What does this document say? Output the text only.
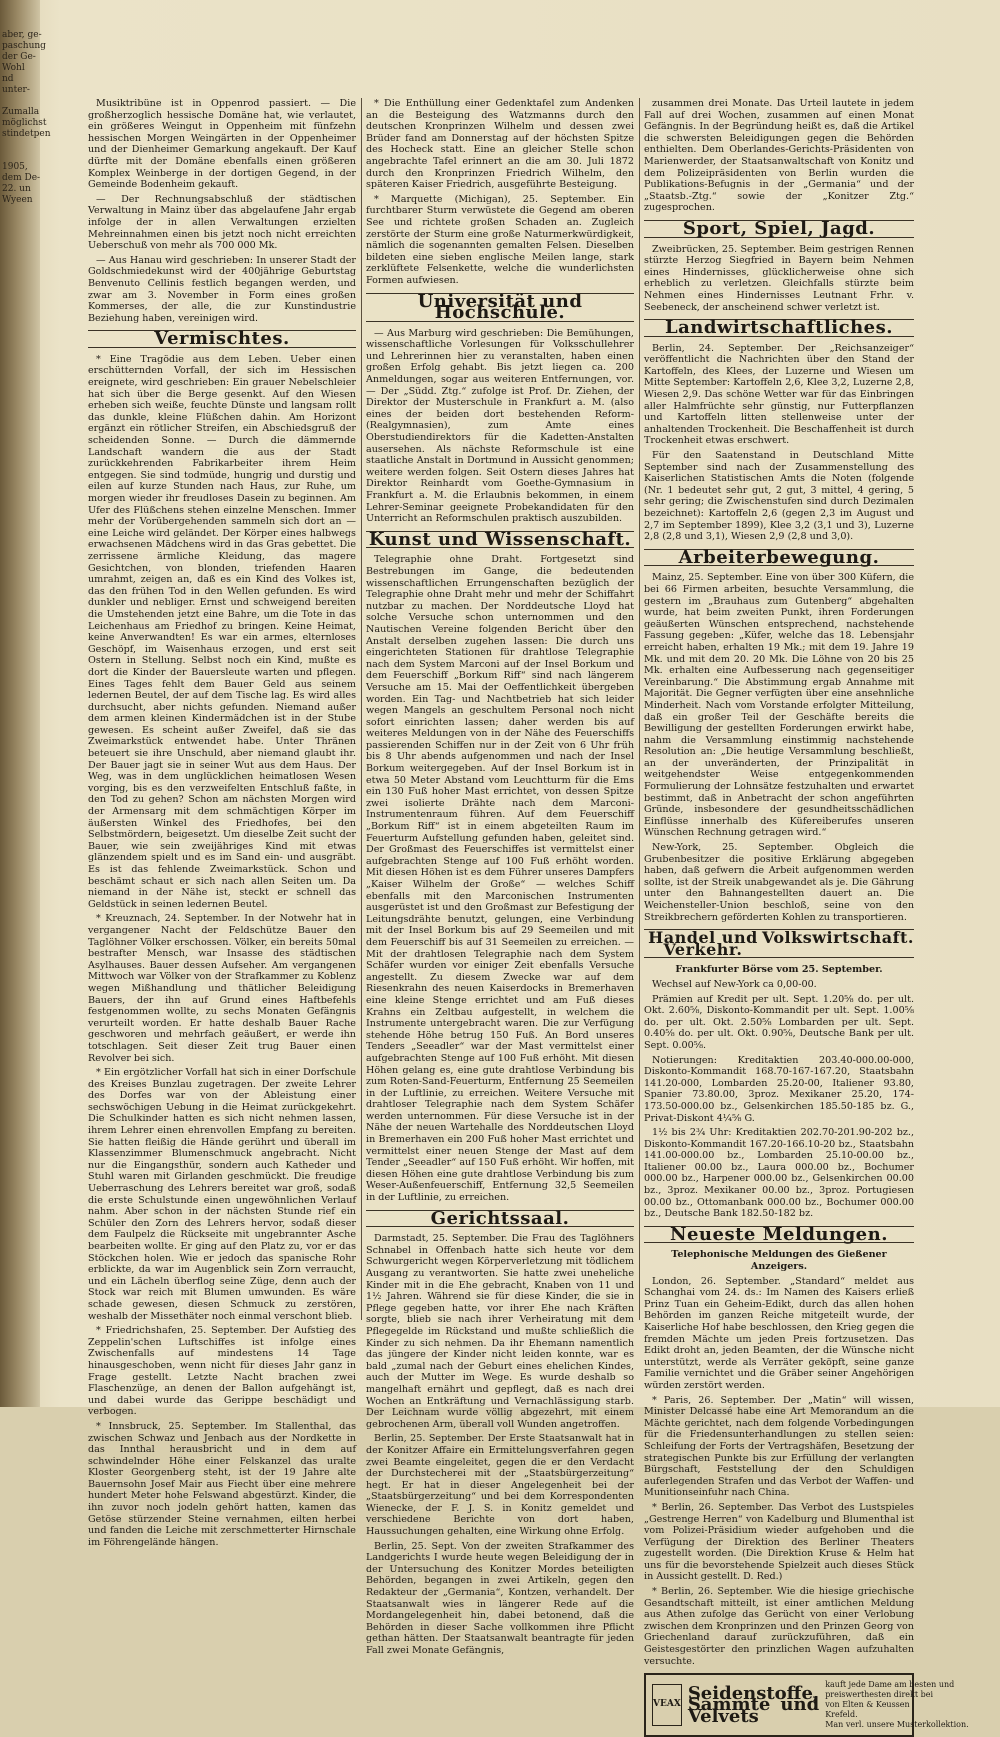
aber, ge-
paschung
der Ge-
Wohl
nd
unter-

Zumalla
möglichst
stindetpen

1905,
dem De-
22. un
Wyeen

Musiktribüne ist in Oppenrod passiert. — Die großherzoglich hessische Domäne hat, wie verlautet, ein größeres Weingut in Oppenheim mit fünfzehn hessischen Morgen Weingärten in der Oppenheimer und der Dienheimer Gemarkung angekauft. Der Kauf dürfte mit der Domäne ebenfalls einen größeren Komplex Weinberge in der dortigen Gegend, in der Gemeinde Bodenheim gekauft.

— Der Rechnungsabschluß der städtischen Verwaltung in Mainz über das abgelaufene Jahr ergab infolge der in allen Verwaltungen erzielten Mehreinnahmen einen bis jetzt noch nicht erreichten Ueberschuß von mehr als 700 000 Mk.

— Aus Hanau wird geschrieben: In unserer Stadt der Goldschmiedekunst wird der 400jährige Geburtstag Benvenuto Cellinis festlich begangen werden, und zwar am 3. November in Form eines großen Kommerses, der alle, die zur Kunstindustrie Beziehung haben, vereinigen wird.

Vermischtes.

* Eine Tragödie aus dem Leben. Ueber einen erschütternden Vorfall, der sich im Hessischen ereignete, wird geschrieben: Ein grauer Nebelschleier hat sich über die Berge gesenkt. Auf den Wiesen erheben sich weiße, feuchte Dünste und langsam rollt das dunkle, kleine Flüßchen dahin. Am Horizont ergänzt ein rötlicher Streifen, ein Abschiedsgruß der scheidenden Sonne. — Durch die dämmernde Landschaft wandern die aus der Stadt zurückkehrenden Fabrikarbeiter ihrem Heim entgegen. Sie sind todmüde, hungrig und durstig und eilen auf kurze Stunden nach Haus, zur Ruhe, um morgen wieder ihr freudloses Dasein zu beginnen. Am Ufer des Flüßchens stehen einzelne Menschen. Immer mehr der Vorübergehenden sammeln sich dort an — eine Leiche wird geländet. Der Körper eines halbwegs erwachsenen Mädchens wird in das Gras gebettet. Die zerrissene ärmliche Kleidung, das magere Gesichtchen, von blonden, triefenden Haaren umrahmt, zeigen an, daß es ein Kind des Volkes ist, das den frühen Tod in den Wellen gefunden. Es wird dunkler und nebliger. Ernst und schweigend bereiten die Umstehenden jetzt eine Bahre, um die Tote in das Leichenhaus am Friedhof zu bringen. Keine Heimat, keine Anverwandten! Es war ein armes, elternloses Geschöpf, im Waisenhaus erzogen, und erst seit Ostern in Stellung. Selbst noch ein Kind, mußte es dort die Kinder der Bauersleute warten und pflegen. Eines Tages fehlt dem Bauer Geld aus seinem ledernen Beutel, der auf dem Tische lag. Es wird alles durchsucht, aber nichts gefunden. Niemand außer dem armen kleinen Kindermädchen ist in der Stube gewesen. Es scheint außer Zweifel, daß sie das Zweimarkstück entwendet habe. Unter Thränen beteuert sie ihre Unschuld, aber niemand glaubt ihr. Der Bauer jagt sie in seiner Wut aus dem Haus. Der Weg, was in dem unglücklichen heimatlosen Wesen vorging, bis es den verzweifelten Entschluß faßte, in den Tod zu gehen? Schon am nächsten Morgen wird der Armensarg mit dem schmächtigen Körper im äußersten Winkel des Friedhofes, bei den Selbstmördern, beigesetzt. Um dieselbe Zeit sucht der Bauer, wie sein zweijähriges Kind mit etwas glänzendem spielt und es im Sand ein- und ausgräbt. Es ist das fehlende Zweimarkstück. Schon und beschämt schaut er sich nach allen Seiten um. Da niemand in der Nähe ist, steckt er schnell das Geldstück in seinen ledernen Beutel.

* Kreuznach, 24. September. In der Notwehr hat in vergangener Nacht der Feldschütze Bauer den Taglöhner Völker erschossen. Völker, ein bereits 50mal bestrafter Mensch, war Insasse des städtischen Asylhauses. Bauer dessen Aufseher. Am vergangenen Mittwoch war Völker von der Strafkammer zu Koblenz wegen Mißhandlung und thätlicher Beleidigung Bauers, der ihn auf Grund eines Haftbefehls festgenommen wollte, zu sechs Monaten Gefängnis verurteilt worden. Er hatte deshalb Bauer Rache geschworen und mehrfach geäußert, er werde ihn totschlagen. Seit dieser Zeit trug Bauer einen Revolver bei sich.

* Ein ergötzlicher Vorfall hat sich in einer Dorfschule des Kreises Bunzlau zugetragen. Der zweite Lehrer des Dorfes war von der Ableistung einer sechswöchigen Uebung in die Heimat zurückgekehrt. Die Schulkinder hatten es sich nicht nehmen lassen, ihrem Lehrer einen ehrenvollen Empfang zu bereiten. Sie hatten fleißig die Hände gerührt und überall im Klassenzimmer Blumenschmuck angebracht. Nicht nur die Eingangsthür, sondern auch Katheder und Stuhl waren mit Girlanden geschmückt. Die freudige Ueberraschung des Lehrers bereitet war groß, sodaß die erste Schulstunde einen ungewöhnlichen Verlauf nahm. Aber schon in der nächsten Stunde rief ein Schüler den Zorn des Lehrers hervor, sodaß dieser dem Faulpelz die Rückseite mit ungebrannter Asche bearbeiten wollte. Er ging auf den Platz zu, vor er das Stöckchen holen. Wie er jedoch das spanische Rohr erblickte, da war im Augenblick sein Zorn verraucht, und ein Lächeln überflog seine Züge, denn auch der Stock war reich mit Blumen umwunden. Es wäre schade gewesen, diesen Schmuck zu zerstören, weshalb der Missethäter noch einmal verschont blieb.

* Friedrichshafen, 25. September. Der Aufstieg des Zeppelin'schen Luftschiffes ist infolge eines Zwischenfalls auf mindestens 14 Tage hinausgeschoben, wenn nicht für dieses Jahr ganz in Frage gestellt. Letzte Nacht brachen zwei Flaschenzüge, an denen der Ballon aufgehängt ist, und dabei wurde das Gerippe beschädigt und verbogen.

* Innsbruck, 25. September. Im Stallenthal, das zwischen Schwaz und Jenbach aus der Nordkette in das Innthal herausbricht und in dem auf schwindelnder Höhe einer Felskanzel das uralte Kloster Georgenberg steht, ist der 19 Jahre alte Bauernsohn Josef Mair aus Fiecht über eine mehrere hundert Meter hohe Felswand abgestürzt. Kinder, die ihn zuvor noch jodeln gehört hatten, kamen das Getöse stürzender Steine vernahmen, eilten herbei und fanden die Leiche mit zerschmetterter Hirnschale im Föhrengelände hängen.

* Die Enthüllung einer Gedenktafel zum Andenken an die Besteigung des Watzmanns durch den deutschen Kronprinzen Wilhelm und dessen zwei Brüder fand am Donnerstag auf der höchsten Spitze des Hocheck statt. Eine an gleicher Stelle schon angebrachte Tafel erinnert an die am 30. Juli 1872 durch den Kronprinzen Friedrich Wilhelm, den späteren Kaiser Friedrich, ausgeführte Besteigung.

* Marquette (Michigan), 25. September. Ein furchtbarer Sturm verwüstete die Gegend am oberen See und richtete großen Schaden an. Zugleich zerstörte der Sturm eine große Naturmerkwürdigkeit, nämlich die sogenannten gemalten Felsen. Dieselben bildeten eine sieben englische Meilen lange, stark zerklüftete Felsenkette, welche die wunderlichsten Formen aufwiesen.

Universität und Hochschule.

— Aus Marburg wird geschrieben: Die Bemühungen, wissenschaftliche Vorlesungen für Volksschullehrer und Lehrerinnen hier zu veranstalten, haben einen großen Erfolg gehabt. Bis jetzt liegen ca. 200 Anmeldungen, sogar aus weiteren Entfernungen, vor. — Der „Südd. Ztg.“ zufolge ist Prof. Dr. Ziehen, der Direktor der Musterschule in Frankfurt a. M. (also eines der beiden dort bestehenden Reform- (Realgymnasien), zum Amte eines Oberstudiendirektors für die Kadetten-Anstalten ausersehen. Als nächste Reformschule ist eine staatliche Anstalt in Dortmund in Aussicht genommen; weitere werden folgen. Seit Ostern dieses Jahres hat Direktor Reinhardt vom Goethe-Gymnasium in Frankfurt a. M. die Erlaubnis bekommen, in einem Lehrer-Seminar geeignete Probekandidaten für den Unterricht an Reformschulen praktisch auszubilden.

Kunst und Wissenschaft.

Telegraphie ohne Draht. Fortgesetzt sind Bestrebungen im Gange, die bedeutenden wissenschaftlichen Errungenschaften bezüglich der Telegraphie ohne Draht mehr und mehr der Schiffahrt nutzbar zu machen. Der Norddeutsche Lloyd hat solche Versuche schon unternommen und den Nautischen Vereine folgenden Bericht über den Anstalt derselben zugehen lassen: Die durch uns eingerichteten Stationen für drahtlose Telegraphie nach dem System Marconi auf der Insel Borkum und dem Feuerschiff „Borkum Riff“ sind nach längerem Versuche am 15. Mai der Oeffentlichkeit übergeben worden. Ein Tag- und Nachtbetrieb hat sich leider wegen Mangels an geschultem Personal noch nicht sofort einrichten lassen; daher werden bis auf weiteres Meldungen von in der Nähe des Feuerschiffs passierenden Schiffen nur in der Zeit von 6 Uhr früh bis 8 Uhr abends aufgenommen und nach der Insel Borkum weitergegeben. Auf der Insel Borkum ist in etwa 50 Meter Abstand vom Leuchtturm für die Ems ein 130 Fuß hoher Mast errichtet, von dessen Spitze zwei isolierte Drähte nach dem Marconi-Instrumentenraum führen. Auf dem Feuerschiff „Borkum Riff“ ist in einem abgeteilten Raum im Feuerturm Aufstellung gefunden haben, geleitet sind. Der Großmast des Feuerschiffes ist vermittelst einer aufgebrachten Stenge auf 100 Fuß erhöht worden. Mit diesen Höhen ist es dem Führer unseres Dampfers „Kaiser Wilhelm der Große“ — welches Schiff ebenfalls mit den Marconischen Instrumenten ausgerüstet ist und den Großmast zur Befestigung der Leitungsdrähte benutzt, gelungen, eine Verbindung mit der Insel Borkum bis auf 29 Seemeilen und mit dem Feuerschiff bis auf 31 Seemeilen zu erreichen. — Mit der drahtlosen Telegraphie nach dem System Schäfer wurden vor einiger Zeit ebenfalls Versuche angestellt. Zu diesem Zwecke war auf dem Riesenkrahn des neuen Kaiserdocks in Bremerhaven eine kleine Stenge errichtet und am Fuß dieses Krahns ein Zeltbau aufgestellt, in welchem die Instrumente untergebracht waren. Die zur Verfügung stehende Höhe betrug 150 Fuß. An Bord unseres Tenders „Seeadler“ war der Mast vermittelst einer aufgebrachten Stenge auf 100 Fuß erhöht. Mit diesen Höhen gelang es, eine gute drahtlose Verbindung bis zum Roten-Sand-Feuerturm, Entfernung 25 Seemeilen in der Luftlinie, zu erreichen. Weitere Versuche mit drahtloser Telegraphie nach dem System Schäfer werden unternommen. Für diese Versuche ist in der Nähe der neuen Wartehalle des Norddeutschen Lloyd in Bremerhaven ein 200 Fuß hoher Mast errichtet und vermittelst einer neuen Stenge der Mast auf dem Tender „Seeadler“ auf 150 Fuß erhöht. Wir hoffen, mit diesen Höhen eine gute drahtlose Verbindung bis zum Weser-Außenfeuerschiff, Entfernung 32,5 Seemeilen in der Luftlinie, zu erreichen.

Gerichtssaal.

Darmstadt, 25. September. Die Frau des Taglöhners Schnabel in Offenbach hatte sich heute vor dem Schwurgericht wegen Körperverletzung mit tödlichem Ausgang zu verantworten. Sie hatte zwei uneheliche Kinder mit in die Ehe gebracht, Knaben von 11 und 1½ Jahren. Während sie für diese Kinder, die sie in Pflege gegeben hatte, vor ihrer Ehe nach Kräften sorgte, blieb sie nach ihrer Verheiratung mit dem Pflegegelde im Rückstand und mußte schließlich die Kinder zu sich nehmen. Da ihr Ehemann namentlich das jüngere der Kinder nicht leiden konnte, war es bald „zumal nach der Geburt eines ehelichen Kindes, auch der Mutter im Wege. Es wurde deshalb so mangelhaft ernährt und gepflegt, daß es nach drei Wochen an Entkräftung und Vernachlässigung starb. Der Leichnam wurde völlig abgezehrt, mit einem gebrochenen Arm, überall voll Wunden angetroffen.

Berlin, 25. September. Der Erste Staatsanwalt hat in der Konitzer Affaire ein Ermittelungsverfahren gegen zwei Beamte eingeleitet, gegen die er den Verdacht der Durchstecherei mit der „Staatsbürgerzeitung“ hegt. Er hat in dieser Angelegenheit bei der „Staatsbürgerzeitung“ und bei dem Korrespondenten Wienecke, der F. J. S. in Konitz gemeldet und verschiedene Berichte von dort haben, Haussuchungen gehalten, eine Wirkung ohne Erfolg.

Berlin, 25. Sept. Von der zweiten Strafkammer des Landgerichts I wurde heute wegen Beleidigung der in der Untersuchung des Konitzer Mordes beteiligten Behörden, begangen in zwei Artikeln, gegen den Redakteur der „Germania“, Kontzen, verhandelt. Der Staatsanwalt wies in längerer Rede auf die Mordangelegenheit hin, dabei betonend, daß die Behörden in dieser Sache vollkommen ihre Pflicht gethan hätten. Der Staatsanwalt beantragte für jeden Fall zwei Monate Gefängnis,

zusammen drei Monate. Das Urteil lautete in jedem Fall auf drei Wochen, zusammen auf einen Monat Gefängnis. In der Begründung heißt es, daß die Artikel die schwersten Beleidigungen gegen die Behörden enthielten. Dem Oberlandes-Gerichts-Präsidenten von Marienwerder, der Staatsanwaltschaft von Konitz und dem Polizeipräsidenten von Berlin wurden die Publikations-Befugnis in der „Germania“ und der „Staatsb.-Ztg.“ sowie der „Konitzer Ztg.“ zugesprochen.

Sport, Spiel, Jagd.

Zweibrücken, 25. September. Beim gestrigen Rennen stürzte Herzog Siegfried in Bayern beim Nehmen eines Hindernisses, glücklicherweise ohne sich erheblich zu verletzen. Gleichfalls stürzte beim Nehmen eines Hindernisses Leutnant Frhr. v. Seebeneck, der anscheinend schwer verletzt ist.

Landwirtschaftliches.

Berlin, 24. September. Der „Reichsanzeiger“ veröffentlicht die Nachrichten über den Stand der Kartoffeln, des Klees, der Luzerne und Wiesen um Mitte September: Kartoffeln 2,6, Klee 3,2, Luzerne 2,8, Wiesen 2,9. Das schöne Wetter war für das Einbringen aller Halmfrüchte sehr günstig, nur Futterpflanzen und Kartoffeln litten stellenweise unter der anhaltenden Trockenheit. Die Beschaffenheit ist durch Trockenheit etwas erschwert.

Für den Saatenstand in Deutschland Mitte September sind nach der Zusammenstellung des Kaiserlichen Statistischen Amts die Noten (folgende (Nr. 1 bedeutet sehr gut, 2 gut, 3 mittel, 4 gering, 5 sehr gering; die Zwischenstufen sind durch Dezimalen bezeichnet): Kartoffeln 2,6 (gegen 2,3 im August und 2,7 im September 1899), Klee 3,2 (3,1 und 3), Luzerne 2,8 (2,8 und 3,1), Wiesen 2,9 (2,8 und 3,0).

Arbeiterbewegung.

Mainz, 25. September. Eine von über 300 Küfern, die bei 66 Firmen arbeiten, besuchte Versammlung, die gestern im „Brauhaus zum Gutenberg“ abgehalten wurde, hat beim zweiten Punkt, ihren Forderungen geäußerten Wünschen entsprechend, nachstehende Fassung gegeben: „Küfer, welche das 18. Lebensjahr erreicht haben, erhalten 19 Mk.; mit dem 19. Jahre 19 Mk. und mit dem 20. 20 Mk. Die Löhne von 20 bis 25 Mk. erhalten eine Aufbesserung nach gegenseitiger Vereinbarung.“ Die Abstimmung ergab Annahme mit Majorität. Die Gegner verfügten über eine ansehnliche Minderheit. Nach vom Vorstande erfolgter Mitteilung, daß ein großer Teil der Geschäfte bereits die Bewilligung der gestellten Forderungen erwirkt habe, nahm die Versammlung einstimmig nachstehende Resolution an: „Die heutige Versammlung beschließt, an der unveränderten, der Prinzipalität in weitgehendster Weise entgegenkommenden Formulierung der Lohnsätze festzuhalten und erwartet bestimmt, daß in Anbetracht der schon angeführten Gründe, insbesondere der gesundheitsschädlichen Einflüsse innerhalb des Küfereiberufes unseren Wünschen Rechnung getragen wird.“

New-York, 25. September. Obgleich die Grubenbesitzer die positive Erklärung abgegeben haben, daß gefwern die Arbeit aufgenommen werden sollte, ist der Streik unabgewandet als je. Die Gährung unter den Bahnangestellten dauert an. Die Weichensteller-Union beschloß, seine von den Streikbrechern geförderten Kohlen zu transportieren.

Handel und Verkehr.
Volkswirtschaft.

Frankfurter Börse vom 25. September.

Wechsel auf New-York ca 0,00-00.

Prämien auf Kredit per ult. Sept. 1.20⅝ do. per ult. Okt. 2.60⅝, Diskonto-Kommandit per ult. Sept. 1.00⅝ do. per ult. Okt. 2.50⅝ Lombarden per ult. Sept. 0.40⅝ do. per ult. Okt. 0.90⅝, Deutsche Bank per ult. Sept. 0.00⅝.

Notierungen: Kreditaktien 203.40-000.00-000, Diskonto-Kommandit 168.70-167-167.20, Staatsbahn 141.20-000, Lombarden 25.20-00, Italiener 93.80, Spanier 73.80.00, 3proz. Mexikaner 25.20, 174-173.50-000.00 bz., Gelsenkirchen 185.50-185 bz. G., Privat-Diskont 4¼⅝ G.

1½ bis 2¾ Uhr: Kreditaktien 202.70-201.90-202 bz., Diskonto-Kommandit 167.20-166.10-20 bz., Staatsbahn 141.00-000.00 bz., Lombarden 25.10-00.00 bz., Italiener 00.00 bz., Laura 000.00 bz., Bochumer 000.00 bz., Harpener 000.00 bz., Gelsenkirchen 00.00 bz., 3proz. Mexikaner 00.00 bz., 3proz. Portugiesen 00.00 bz., Ottomanbank 000.00 bz., Bochumer 000.00 bz., Deutsche Bank 182.50-182 bz.

Neueste Meldungen.

Telephonische Meldungen des Gießener Anzeigers.

London, 26. September. „Standard“ meldet aus Schanghai vom 24. ds.: Im Namen des Kaisers erließ Prinz Tuan ein Geheim-Edikt, durch das allen hohen Behörden im ganzen Reiche mitgeteilt wurde, der Kaiserliche Hof habe beschlossen, den Krieg gegen die fremden Mächte um jeden Preis fortzusetzen. Das Edikt droht an, jeden Beamten, der die Wünsche nicht unterstützt, werde als Verräter geköpft, seine ganze Familie vernichtet und die Gräber seiner Angehörigen würden zerstört werden.

* Paris, 26. September. Der „Matin“ will wissen, Minister Delcassé habe eine Art Memorandum an die Mächte gerichtet, nach dem folgende Vorbedingungen für die Friedensunterhandlungen zu stellen seien: Schleifung der Forts der Vertragshäfen, Besetzung der strategischen Punkte bis zur Erfüllung der verlangten Bürgschaft, Feststellung der den Schuldigen auferlegenden Strafen und das Verbot der Waffen- und Munitionseinfuhr nach China.

* Berlin, 26. September. Das Verbot des Lustspieles „Gestrenge Herren“ von Kadelburg und Blumenthal ist vom Polizei-Präsidium wieder aufgehoben und die Verfügung der Direktion des Berliner Theaters zugestellt worden. (Die Direktion Kruse & Helm hat uns für die bevorstehende Spielzeit auch dieses Stück in Aussicht gestellt. D. Red.)

* Berlin, 26. September. Wie die hiesige griechische Gesandtschaft mitteilt, ist einer amtlichen Meldung aus Athen zufolge das Gerücht von einer Verlobung zwischen dem Kronprinzen und den Prinzen Georg von Griechenland darauf zurückzuführen, daß ein Geistesgestörter den prinzlichen Wagen aufzuhalten versuchte.

VEAX
Seidenstoffe, Sammte und Velvets
kauft jede Dame am besten und
preiswerthesten direkt bei
von Elten & Keussen
Krefeld.
Man verl. unsere Musterkollektion.
